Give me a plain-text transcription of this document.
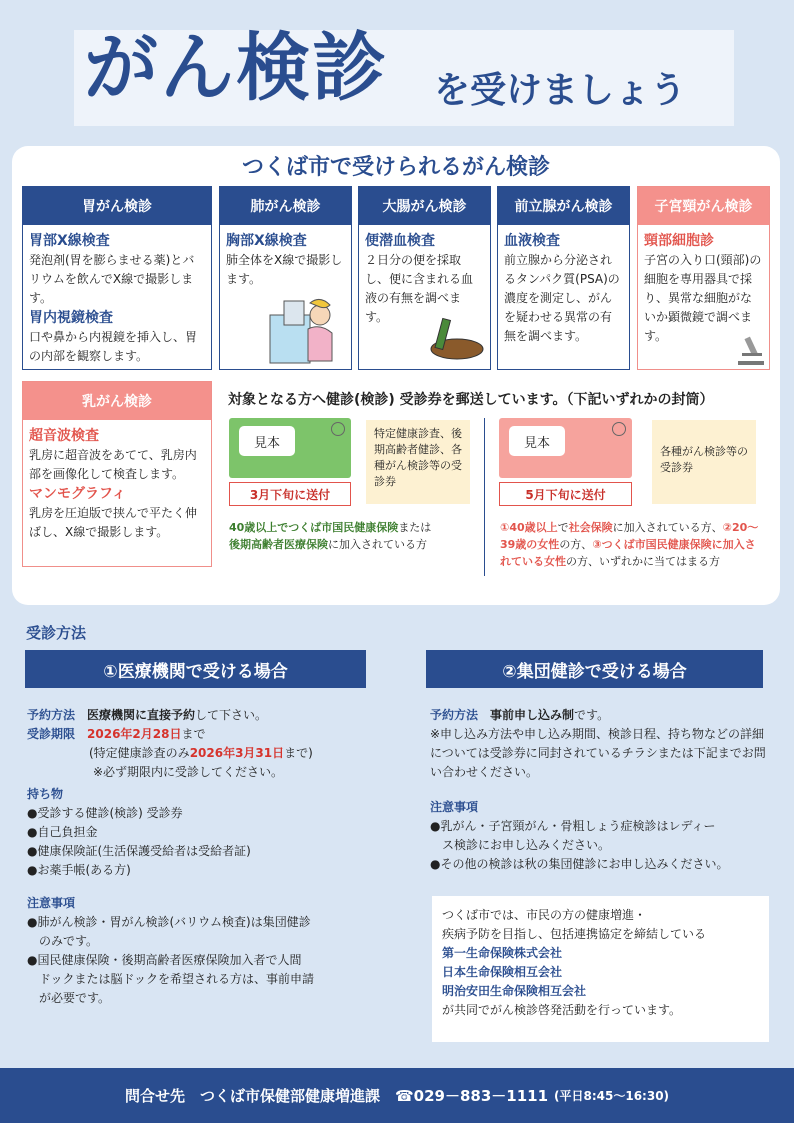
がん検診 を受けましょう
つくば市で受けられるがん検診
胃がん検診
胃部X線検査
発泡剤(胃を膨らませる薬)とバリウムを飲んでX線で撮影します。
胃内視鏡検査
口や鼻から内視鏡を挿入し、胃の内部を観察します。
肺がん検診
胸部X線検査
肺全体をX線で撮影します。
大腸がん検診
便潜血検査
２日分の便を採取し、便に含まれる血液の有無を調べます。
前立腺がん検診
血液検査
前立腺から分泌されるタンパク質(PSA)の濃度を測定し、がんを疑わせる異常の有無を調べます。
子宮頸がん検診
頸部細胞診
子宮の入り口(頸部)の細胞を専用器具で採り、異常な細胞がないか顕微鏡で調べます。
乳がん検診
超音波検査
乳房に超音波をあてて、乳房内部を画像化して検査します。
マンモグラフィ
乳房を圧迫版で挟んで平たく伸ばし、X線で撮影します。
対象となる方へ健診(検診) 受診券を郵送しています。（下記いずれかの封筒）
見本
特定健康診査、後期高齢者健診、各種がん検診等の受診券
3月下旬に送付
40歳以上でつくば市国民健康保険または
後期高齢者医療保険に加入されている方
見本
各種がん検診等の受診券
5月下旬に送付
①40歳以上で社会保険に加入されている方、②20～39歳の女性の方、③つくば市国民健康保険に加入されている女性の方、いずれかに当てはまる方
受診方法
①医療機関で受ける場合	②集団健診で受ける場合
予約方法　 医療機関に直接予約して下さい。
受診期限　 2026年2月28日まで
(特定健康診査のみ2026年3月31日まで)
※必ず期限内に受診してください。
持ち物
●受診する健診(検診) 受診券
●自己負担金
●健康保険証(生活保護受給者は受給者証)
●お薬手帳(ある方)
注意事項
●肺がん検診・胃がん検診(バリウム検査)は集団健診
のみです。
●国民健康保険・後期高齢者医療保険加入者で人間
ドックまたは脳ドックを希望される方は、事前申請
が必要です。
予約方法　 事前申し込み制です。
※申し込み方法や申し込み期間、検診日程、持ち物などの詳細については受診券に同封されているチラシまたは下記までお問い合わせください。
注意事項
●乳がん・子宮頸がん・骨粗しょう症検診はレディー
ス検診にお申し込みください。
●その他の検診は秋の集団健診にお申し込みください。
つくば市では、市民の方の健康増進・
疾病予防を目指し、包括連携協定を締結している
第一生命保険株式会社
日本生命保険相互会社
明治安田生命保険相互会社
が共同でがん検診啓発活動を行っています。
問合せ先　つくば市保健部健康増進課　☎029－883－1111 (平日8:45～16:30)
